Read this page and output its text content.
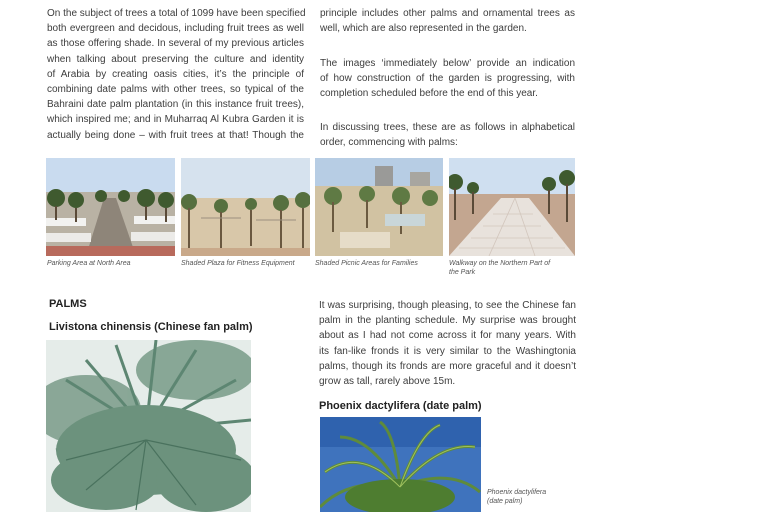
On the subject of trees a total of 1099 have been specified
both evergreen and decidous, including fruit trees as well
as those offering shade. In several of my previous articles
when talking about preserving the culture and identity
of Arabia by creating oasis cities, it’s the principle of
combining date palms with other trees, so typical of the
Bahraini date palm plantation (in this instance fruit trees),
which inspired me; and in Muharraq Al Kubra Garden it is
actually being done – with fruit trees at that! Though the
principle includes other palms and ornamental trees as
well, which are also represented in the garden.
The images ‘immediately below’ provide an indication
of how construction of the garden is progressing, with
completion scheduled before the end of this year.
In discussing trees, these are as follows in alphabetical
order, commencing with palms:
Parking Area at North Area	Shaded Plaza for Fitness Equipment	Shaded Picnic Areas for Families	Walkway on the Northern Part of
the Park
PALMS
Livistona chinensis (Chinese fan palm)
It was surprising, though pleasing, to see the Chinese fan
palm in the planting schedule. My surprise was brought
about as I had not come across it for many years. With
its fan-like fronds it is very similar to the Washingtonia
palms, though its fronds are more graceful and it doesn’t
grow as tall, rarely above 15m.
Phoenix dactylifera (date palm)
Phoenix dactylifera
(date palm)
